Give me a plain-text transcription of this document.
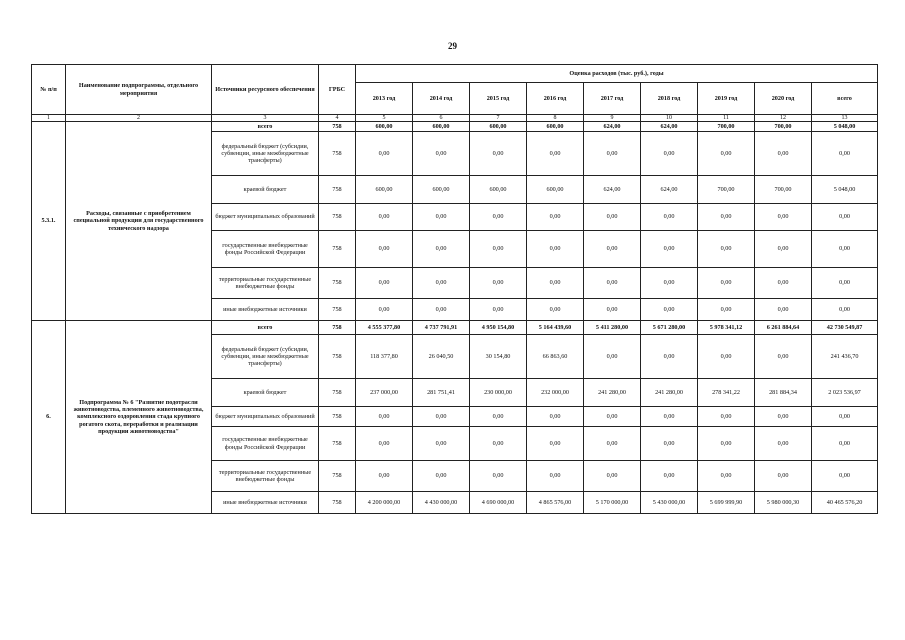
29
№ п/п	Наименование подпрограммы, отдельного мероприятия	Источники ресурсного обеспечения	ГРБС	Оценка расходов (тыс. руб.), годы								
				2013 год	2014 год	2015 год	2016 год	2017 год	2018 год	2019 год	2020 год	всего
1	2	3	4	5	6	7	8	9	10	11	12	13
5.3.1.	Расходы, связанные с приобретением специальной продукции для государственного технического надзора	всего	758	600,00	600,00	600,00	600,00	624,00	624,00	700,00	700,00	5 048,00
		федеральный бюджет (субсидии, субвенции, иные межбюджетные трансферты)	758	0,00	0,00	0,00	0,00	0,00	0,00	0,00	0,00	0,00
		краевой бюджет	758	600,00	600,00	600,00	600,00	624,00	624,00	700,00	700,00	5 048,00
		бюджет муниципальных образований	758	0,00	0,00	0,00	0,00	0,00	0,00	0,00	0,00	0,00
		государственные внебюджетные фонды Российской Федерации	758	0,00	0,00	0,00	0,00	0,00	0,00	0,00	0,00	0,00
		территориальные государственные внебюджетные фонды	758	0,00	0,00	0,00	0,00	0,00	0,00	0,00	0,00	0,00
		иные внебюджетные источники	758	0,00	0,00	0,00	0,00	0,00	0,00	0,00	0,00	0,00
6.	Подпрограмма № 6 "Развитие подотрасли животноводства, племенного животноводства, комплексного оздоровления стада крупного рогатого скота, переработки и реализации продукции животноводства"	всего	758	4 555 377,80	4 737 791,91	4 950 154,80	5 164 439,60	5 411 280,00	5 671 280,00	5 978 341,12	6 261 884,64	42 730 549,87
		федеральный бюджет (субсидии, субвенции, иные межбюджетные трансферты)	758	118 377,80	26 040,50	30 154,80	66 863,60	0,00	0,00	0,00	0,00	241 436,70
		краевой бюджет	758	237 000,00	281 751,41	230 000,00	232 000,00	241 280,00	241 280,00	278 341,22	281 884,34	2 023 536,97
		бюджет муниципальных образований	758	0,00	0,00	0,00	0,00	0,00	0,00	0,00	0,00	0,00
		государственные внебюджетные фонды Российской Федерации	758	0,00	0,00	0,00	0,00	0,00	0,00	0,00	0,00	0,00
		территориальные государственные внебюджетные фонды	758	0,00	0,00	0,00	0,00	0,00	0,00	0,00	0,00	0,00
		иные внебюджетные источники	758	4 200 000,00	4 430 000,00	4 690 000,00	4 865 576,00	5 170 000,00	5 430 000,00	5 699 999,90	5 980 000,30	40 465 576,20
